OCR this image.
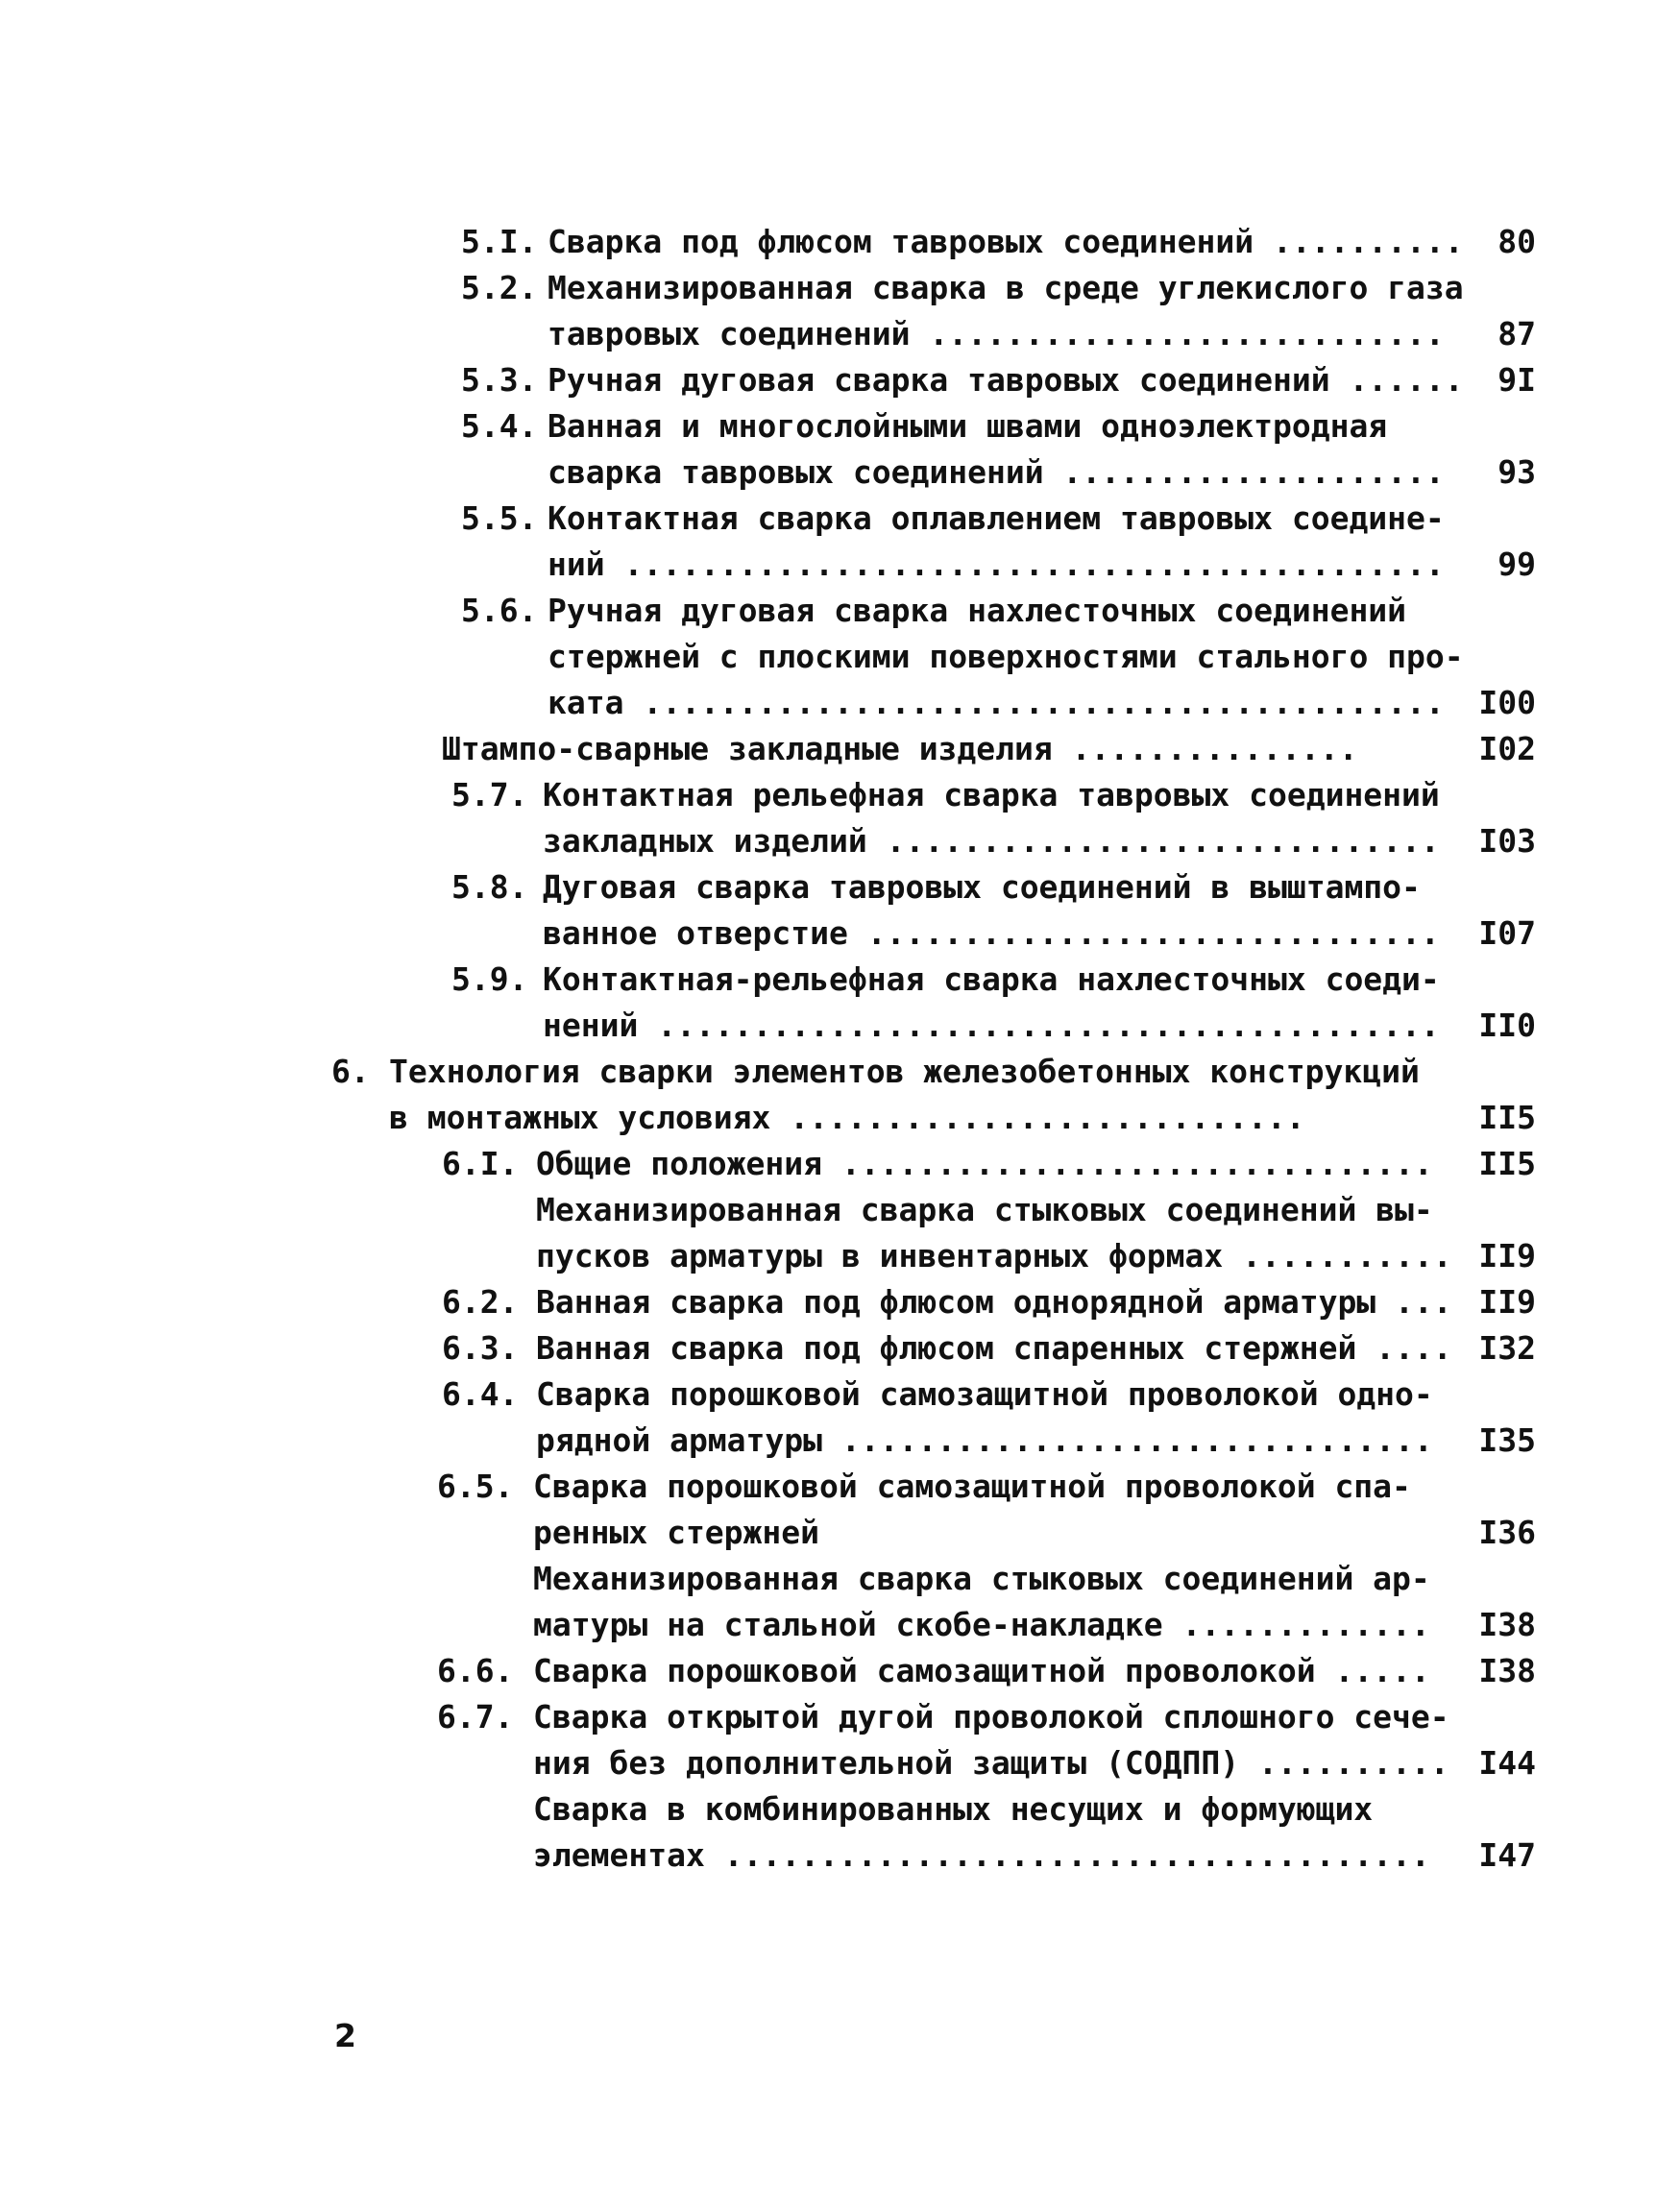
5.I. Сварка под флюсом тавровых соединений ..........	80
5.2. Механизированная сварка в среде углекислого газа
тавровых соединений ...........................	87
5.3. Ручная дуговая сварка тавровых соединений ......	9I
5.4. Ванная и многослойными швами одноэлектродная
сварка тавровых соединений ....................	93
5.5. Контактная сварка оплавлением тавровых соедине-
ний ...........................................	99
5.6. Ручная дуговая сварка нахлесточных соединений
стержней с плоскими поверхностями стального про-
ката ..........................................	I00
Штампо-сварные закладные изделия ...............	I02
5.7. Контактная рельефная сварка тавровых соединений
закладных изделий .............................	I03
5.8. Дуговая сварка тавровых соединений в выштампо-
ванное отверстие ..............................	I07
5.9. Контактная-рельефная сварка нахлесточных соеди-
нений .........................................	II0
6. Технология сварки элементов железобетонных конструкций
в монтажных условиях ...........................	II5
6.I. Общие положения ...............................	II5
Механизированная сварка стыковых соединений вы-
пусков арматуры в инвентарных формах ........... II9
6.2. Ванная сварка под флюсом однорядной арматуры ... II9
6.3. Ванная сварка под флюсом спаренных стержней .... I32
6.4. Сварка порошковой самозащитной проволокой одно-
рядной арматуры ...............................	I35
6.5. Сварка порошковой самозащитной проволокой спа-
ренных стержней	I36
Механизированная сварка стыковых соединений ар-
матуры на стальной скобе-накладке .............	I38
6.6. Сварка порошковой самозащитной проволокой .....	I38
6.7. Сварка открытой дугой проволокой сплошного сече-
ния без дополнительной защиты (СОДПП) .......... I44
Сварка в комбинированных несущих и формующих
элементах .....................................	I47
2
